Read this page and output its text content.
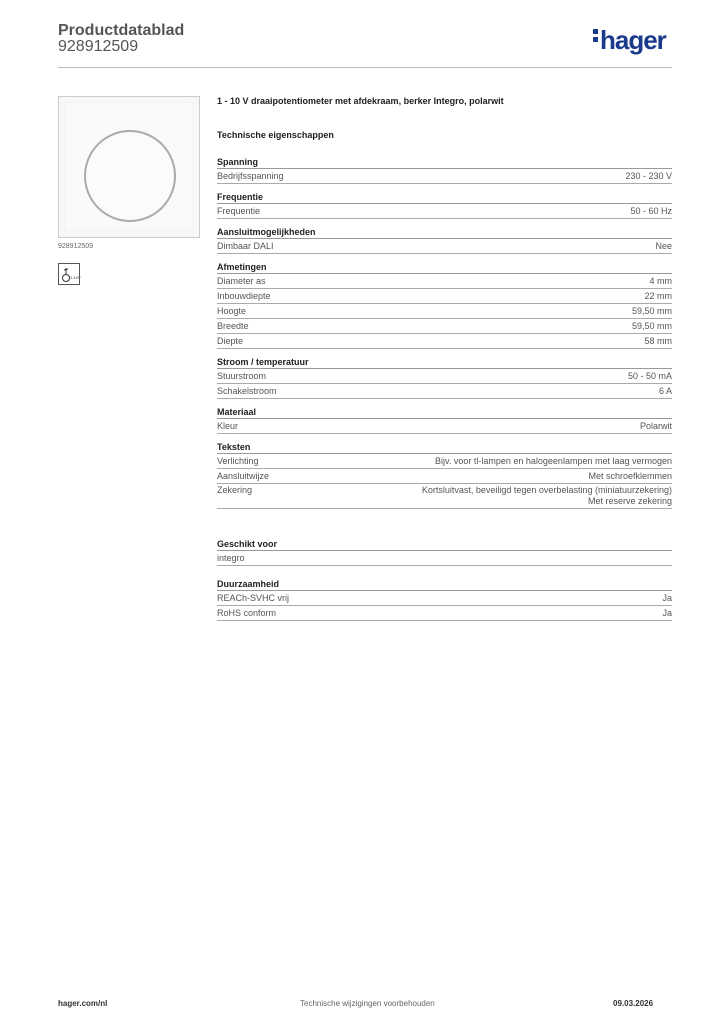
Productdatablad
928912509	hager
928912509
1-10V
1 - 10 V draaipotentiometer met afdekraam, berker Integro, polarwit
Technische eigenschappen
Spanning
Bedrijfsspanning	230 - 230 V
Frequentie
Frequentie	50 - 60 Hz
Aansluitmogelijkheden
Dimbaar DALI	Nee
Afmetingen
Diameter as	4 mm
Inbouwdiepte	22 mm
Hoogte	59,50 mm
Breedte	59,50 mm
Diepte	58 mm
Stroom / temperatuur
Stuurstroom	50 - 50 mA
Schakelstroom	6 A
Materiaal
Kleur	Polarwit
Teksten
Verlichting	Bijv. voor tl-lampen en halogeenlampen met laag vermogen
Aansluitwijze	Met schroefklemmen
Zekering	Kortsluitvast, beveiligd tegen overbelasting (miniatuurzekering)
Met reserve zekering
Geschikt voor
integro
Duurzaamheid
REACh-SVHC vrij	Ja
RoHS conform	Ja
hager.com/nl	Technische wijzigingen voorbehouden	09.03.2026
